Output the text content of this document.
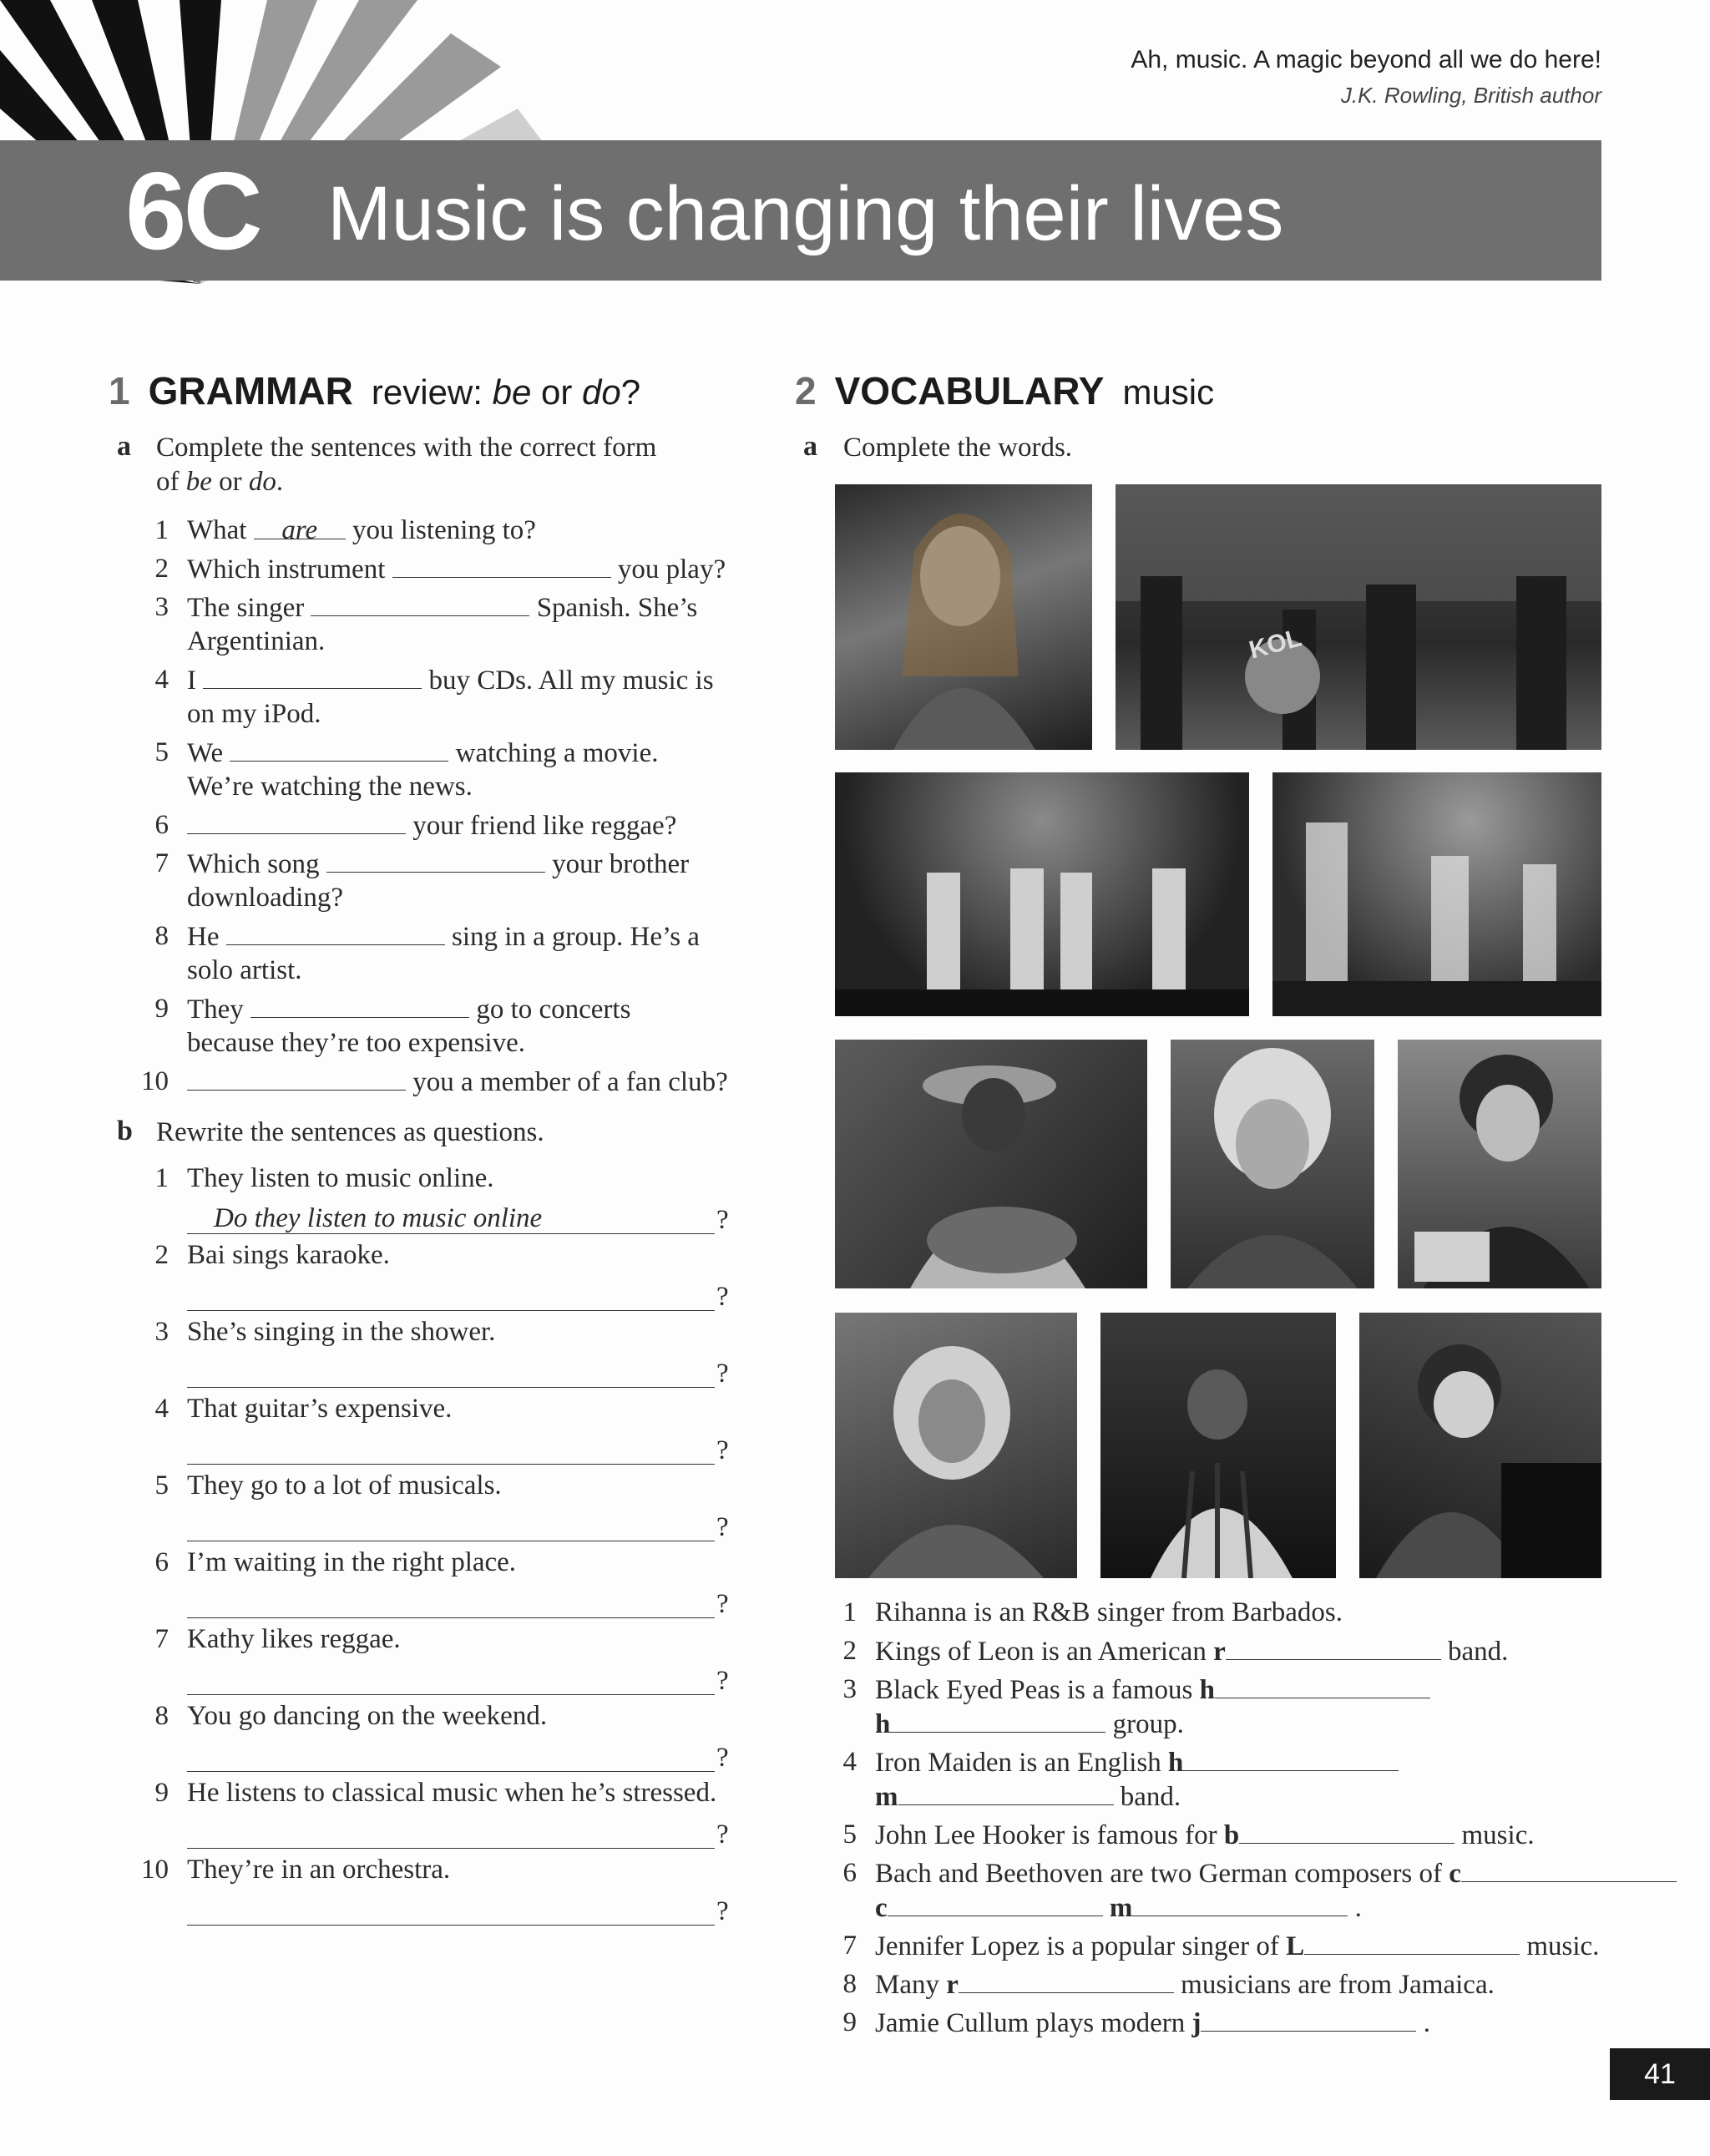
Ah, music. A magic beyond all we do here!
J.K. Rowling, British author
6C Music is changing their lives
1 GRAMMAR review: be or do?
a Complete the sentences with the correct form
of be or do.
1 What are you listening to?
2 Which instrument	you play?
3 The singer	Spanish. She’s
Argentinian.
4 I	buy CDs. All my music is
on my iPod.
5 We	watching a movie.
We’re watching the news.
6	your friend like reggae?
7 Which song	your brother
downloading?
8 He	sing in a group. He’s a
solo artist.
9 They	go to concerts
because they’re too expensive.
10	you a member of a fan club?
b Rewrite the sentences as questions.
1 They listen to music online.
Do they listen to music online	?
2 Bai sings karaoke.
?
3 She’s singing in the shower.
?
4 That guitar’s expensive.
?
5 They go to a lot of musicals.
?
6 I’m waiting in the right place.
?
7 Kathy likes reggae.
?
8 You go dancing on the weekend.
?
9 He listens to classical music when he’s stressed.
?
10 They’re in an orchestra.
?
2 VOCABULARY music
a Complete the words.
KOL
1 Rihanna is an R&B singer from Barbados.
2 Kings of Leon is an American r	band.
3 Black Eyed Peas is a famous h
h	group.
4 Iron Maiden is an English h
m	band.
5 John Lee Hooker is famous for b	music.
6 Bach and Beethoven are two German composers of c
c	m	.
7 Jennifer Lopez is a popular singer of L	music.
8 Many r	musicians are from Jamaica.
9 Jamie Cullum plays modern j	.
41
